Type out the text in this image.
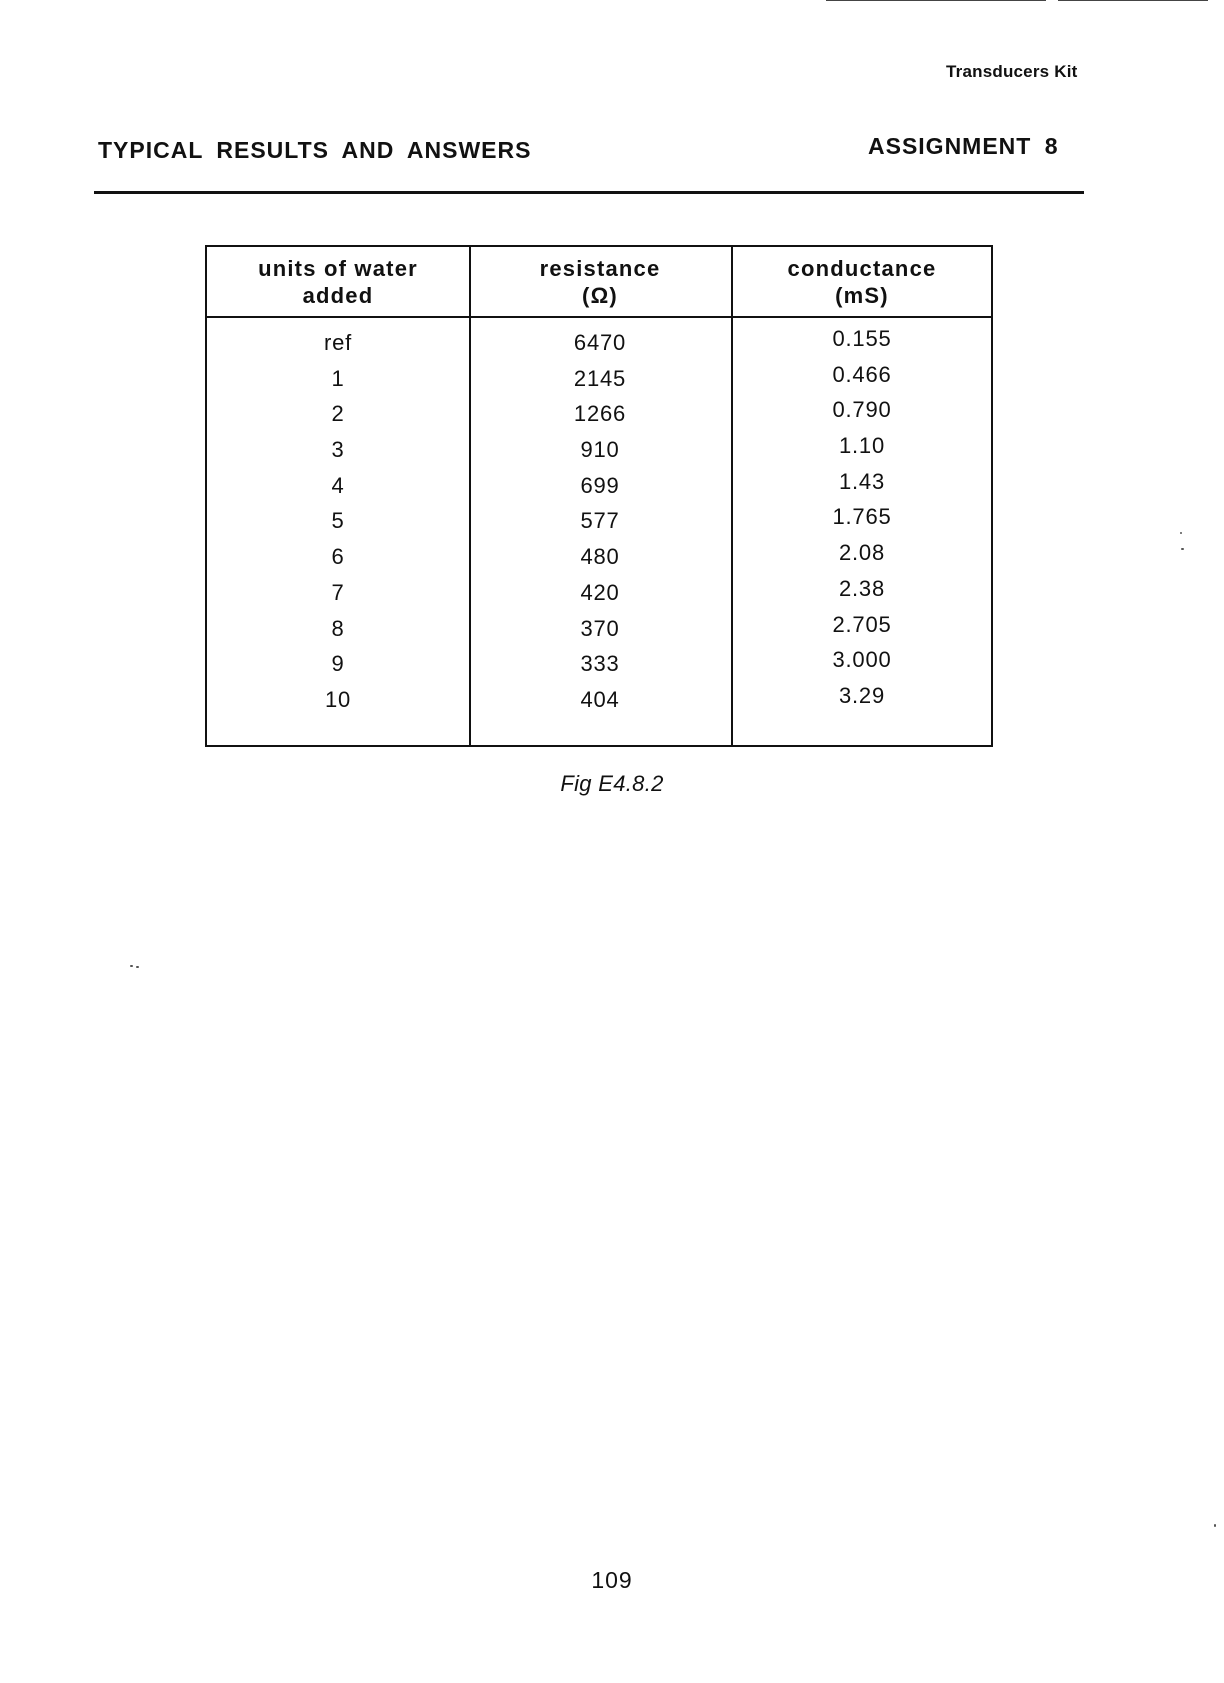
Transducers Kit
TYPICAL RESULTS AND ANSWERS	ASSIGNMENT 8
units of water
added
resistance
(Ω)
conductance
(mS)
ref
1
2
3
4
5
6
7
8
9
10
6470
2145
1266
910
699
577
480
420
370
333
404
0.155
0.466
0.790
1.10
1.43
1.765
2.08
2.38
2.705
3.000
3.29
Fig E4.8.2
109
